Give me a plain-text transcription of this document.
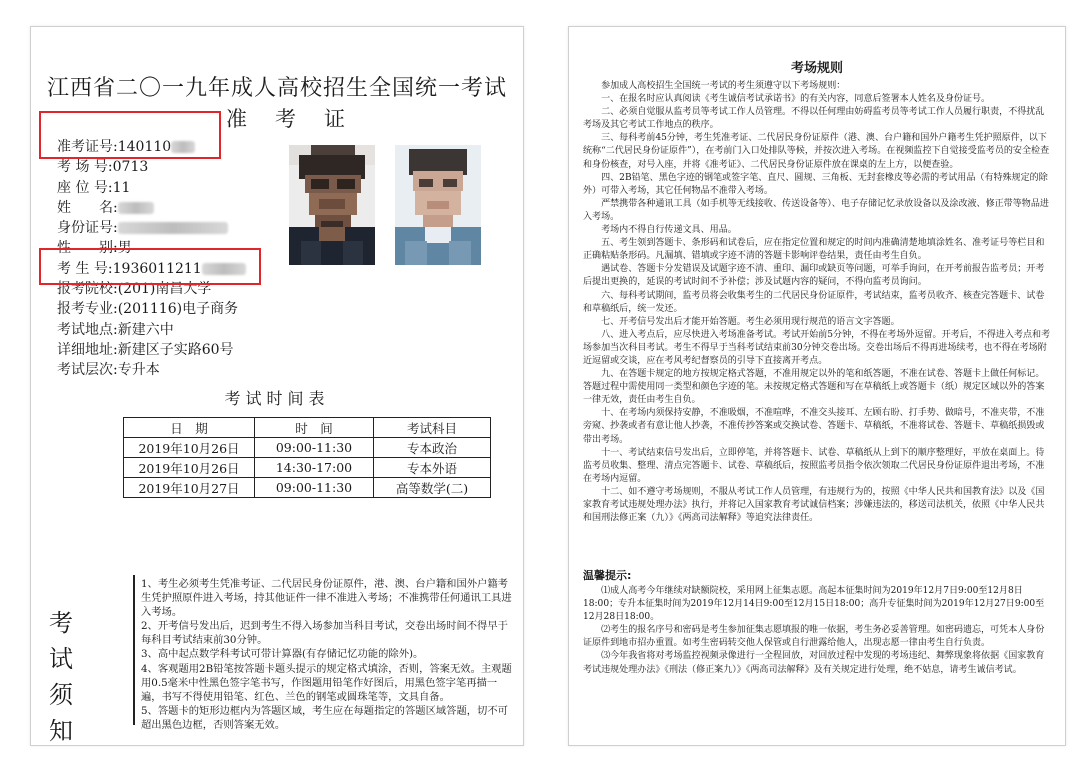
江西省二〇一九年成人高校招生全国统一考试
准考证
准考证号:140110
考 场 号:0713
座 位 号:11
姓　　名:
身份证号:
性　　别:男
考 生 号:1936011211
报考院校:(201)南昌大学
报考专业:(201116)电子商务
考试地点:新建六中
详细地址:新建区子实路60号
考试层次:专升本
考试时间表
日　期	时　间	考试科目
2019年10月26日	09:00-11:30	专本政治
2019年10月26日	14:30-17:00	专本外语
2019年10月27日	09:00-11:30	高等数学(二)
考试须知

1、考生必须考生凭准考证、二代居民身份证原件，港、澳、台户籍和国外户籍考生凭护照原件进入考场，持其他证件一律不准进入考场；不准携带任何通讯工具进入考场。

2、开考信号发出后，迟到考生不得入场参加当科目考试，交卷出场时间不得早于每科目考试结束前30分钟。

3、高中起点数学科考试可带计算器(有存储记忆功能的除外)。

4、客观题用2B铅笔按答题卡题头提示的规定格式填涂，否则，答案无效。主观题用0.5毫米中性黑色签字笔书写，作图题用铅笔作好图后，用黑色签字笔再描一遍，书写不得使用铅笔、红色、兰色的钢笔或圆珠笔等，文具自备。

5、答题卡的矩形边框内为答题区域，考生应在每题指定的答题区域答题，切不可超出黑色边框，否则答案无效。

考场规则

参加成人高校招生全国统一考试的考生须遵守以下考场规则：

一、在报名时应认真阅读《考生诚信考试承诺书》的有关内容，同意后签署本人姓名及身份证号。

二、必须自觉服从监考员等考试工作人员管理。不得以任何理由妨碍监考员等考试工作人员履行职责，不得扰乱考场及其它考试工作地点的秩序。

三、每科考前45分钟，考生凭准考证、二代居民身份证原件（港、澳、台户籍和国外户籍考生凭护照原件，以下统称“二代居民身份证原件”），在考前门入口处排队等候，并按次进入考场。在视频监控下自觉接受监考员的安全检查和身份核查，对号入座，并将《准考证》、二代居民身份证原件放在课桌的左上方，以便查验。

四、2B铅笔、黑色字迹的钢笔或签字笔、直尺、圆规、三角板、无封套橡皮等必需的考试用品（有特殊规定的除外）可带入考场，其它任何物品不准带入考场。

严禁携带各种通讯工具（如手机等无线接收、传送设备等）、电子存储记忆录放设备以及涂改液、修正带等物品进入考场。

考场内不得自行传递文具、用品。

五、考生领到答题卡、条形码和试卷后，应在指定位置和规定的时间内准确清楚地填涂姓名、准考证号等栏目和正确粘贴条形码。凡漏填、错填或字迹不清的答题卡影响评卷结果，责任由考生自负。

遇试卷、答题卡分发错误及试题字迹不清、重印、漏印或缺页等问题，可举手询问，在开考前报告监考员；开考后提出更换的，延误的考试时间不予补偿；涉及试题内容的疑问，不得向监考员询问。

六、每科考试期间，监考员将会收集考生的二代居民身份证原件，考试结束，监考员收齐、核查完答题卡、试卷和草稿纸后，统一发还。

七、开考信号发出后才能开始答题。考生必须用现行规范的语言文字答题。

八、进入考点后，应尽快进入考场准备考试。考试开始前5分钟，不得在考场外逗留。开考后，不得进入考点和考场参加当次科目考试。考生不得早于当科考试结束前30分钟交卷出场。交卷出场后不得再进场续考，也不得在考场附近逗留或交谈，应在考风考纪督察员的引导下直接离开考点。

九、在答题卡规定的地方按规定格式答题，不准用规定以外的笔和纸答题，不准在试卷、答题卡上做任何标记。答题过程中需使用同一类型和颜色字迹的笔。未按规定格式答题和写在草稿纸上或答题卡（纸）规定区域以外的答案一律无效，责任由考生自负。

十、在考场内须保持安静，不准吸烟，不准喧哗，不准交头接耳、左顾右盼、打手势、做暗号，不准夹带，不准旁窥、抄袭或者有意让他人抄袭，不准传抄答案或交换试卷、答题卡、草稿纸，不准将试卷、答题卡、草稿纸损毁或带出考场。

十一、考试结束信号发出后，立即停笔，并将答题卡、试卷、草稿纸从上到下的顺序整理好，平放在桌面上。待监考员收集、整理、清点完答题卡、试卷、草稿纸后，按照监考员指令依次领取二代居民身份证原件退出考场，不准在考场内逗留。

十二、如不遵守考场规则，不服从考试工作人员管理，有违规行为的，按照《中华人民共和国教育法》以及《国家教育考试违规处理办法》执行，并将记入国家教育考试诚信档案；涉嫌违法的，移送司法机关，依照《中华人民共和国刑法修正案（九）》《两高司法解释》等追究法律责任。

温馨提示:

⑴成人高考今年继续对缺额院校，采用网上征集志愿。高起本征集时间为2019年12月7日9:00至12月8日18:00；专升本征集时间为2019年12月14日9:00至12月15日18:00；高升专征集时间为2019年12月27日9:00至12月28日18:00。

⑵考生的报名序号和密码是考生参加征集志愿填报的唯一依据，考生务必妥善管理。如密码遗忘，可凭本人身份证原件到地市招办重置。如考生密码转交他人保管或自行泄露给他人，出现志愿一律由考生自行负责。

⑶今年我省将对考场监控视频录像进行一全程回放，对回放过程中发现的考场违纪、舞弊现象将依据《国家教育考试违规处理办法》《刑法（修正案九）》《两高司法解释》及有关规定进行处理，绝不姑息，请考生诚信考试。
